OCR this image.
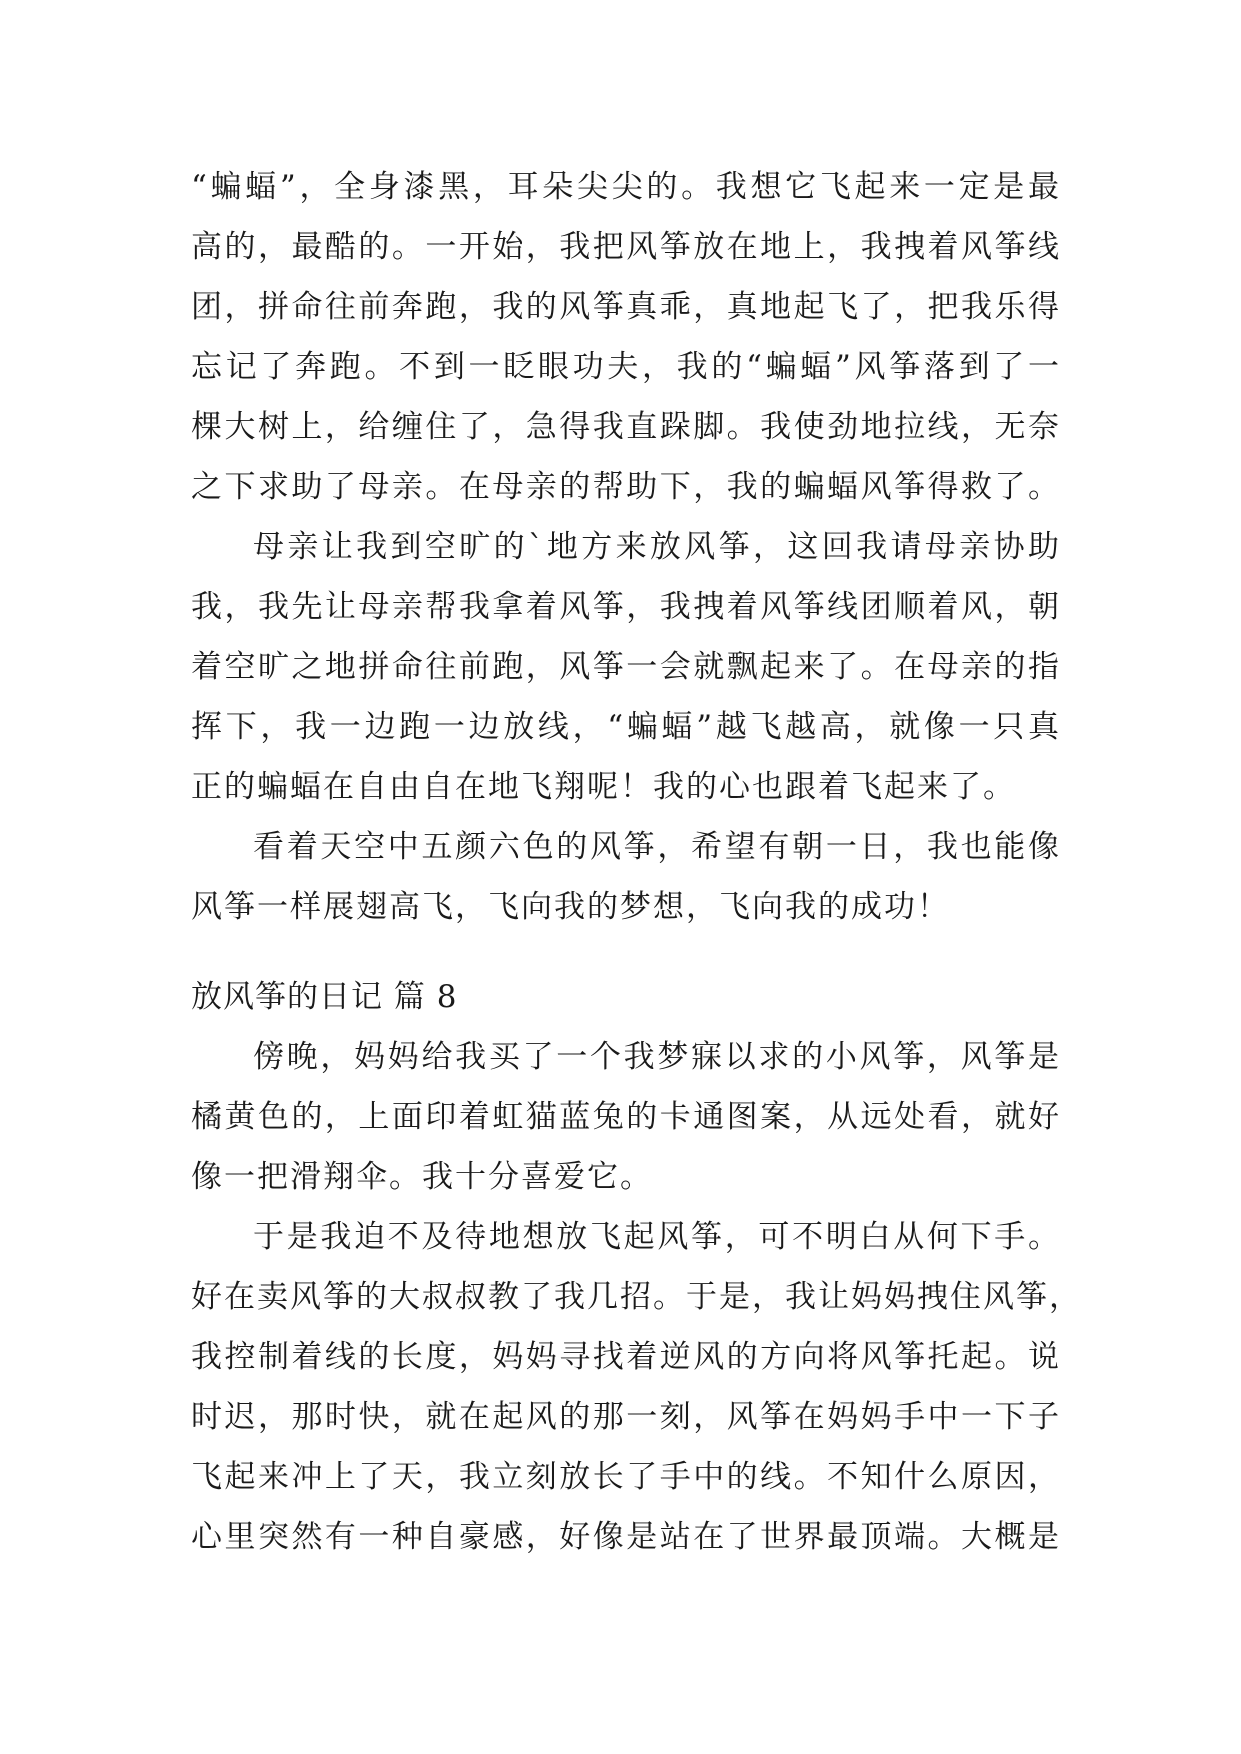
“蝙蝠”，全身漆黑，耳朵尖尖的。我想它飞起来一定是最
高的，最酷的。一开始，我把风筝放在地上，我拽着风筝线
团，拼命往前奔跑，我的风筝真乖，真地起飞了，把我乐得
忘记了奔跑。不到一眨眼功夫，我的“蝙蝠”风筝落到了一
棵大树上，给缠住了，急得我直跺脚。我使劲地拉线，无奈
之下求助了母亲。在母亲的帮助下，我的蝙蝠风筝得救了。
母亲让我到空旷的`地方来放风筝，这回我请母亲协助
我，我先让母亲帮我拿着风筝，我拽着风筝线团顺着风，朝
着空旷之地拼命往前跑，风筝一会就飘起来了。在母亲的指
挥下，我一边跑一边放线，“蝙蝠”越飞越高，就像一只真
正的蝙蝠在自由自在地飞翔呢！我的心也跟着飞起来了。
看着天空中五颜六色的风筝，希望有朝一日，我也能像
风筝一样展翅高飞，飞向我的梦想，飞向我的成功！
放风筝的日记 篇 8
傍晚，妈妈给我买了一个我梦寐以求的小风筝，风筝是
橘黄色的，上面印着虹猫蓝兔的卡通图案，从远处看，就好
像一把滑翔伞。我十分喜爱它。
于是我迫不及待地想放飞起风筝，可不明白从何下手。
好在卖风筝的大叔叔教了我几招。于是，我让妈妈拽住风筝，
我控制着线的长度，妈妈寻找着逆风的方向将风筝托起。说
时迟，那时快，就在起风的那一刻，风筝在妈妈手中一下子
飞起来冲上了天，我立刻放长了手中的线。不知什么原因，
心里突然有一种自豪感，好像是站在了世界最顶端。大概是
